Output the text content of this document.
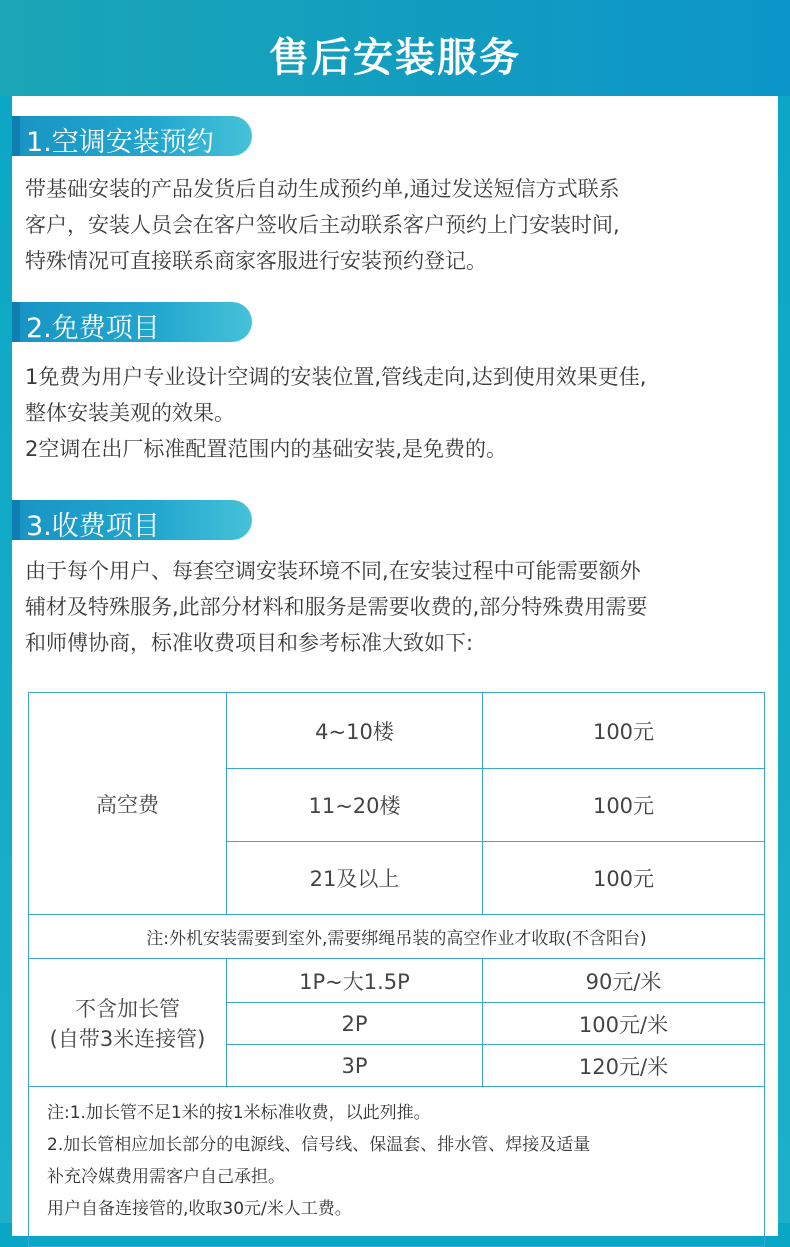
售后安装服务
1.空调安装预约
带基础安装的产品发货后自动生成预约单,通过发送短信方式联系
客户，安装人员会在客户签收后主动联系客户预约上门安装时间,
特殊情况可直接联系商家客服进行安装预约登记。
2.免费项目
1免费为用户专业设计空调的安装位置,管线走向,达到使用效果更佳,
整体安装美观的效果。
2空调在出厂标准配置范围内的基础安装,是免费的。
3.收费项目
由于每个用户、每套空调安装环境不同,在安装过程中可能需要额外
辅材及特殊服务,此部分材料和服务是需要收费的,部分特殊费用需要
和师傅协商，标准收费项目和参考标准大致如下:
高空费	4~10楼	100元
	11~20楼	100元
	21及以上	100元
注:外机安装需要到室外,需要绑绳吊装的高空作业才收取(不含阳台)		

不含加长管
(自带3米连接管)	1P~大1.5P	90元/米
	2P	100元/米
	3P	120元/米

注:1.加长管不足1米的按1米标准收费，以此列推。
2.加长管相应加长部分的电源线、信号线、保温套、排水管、焊接及适量
补充冷媒费用需客户自己承担。
用户自备连接管的,收取30元/米人工费。		
